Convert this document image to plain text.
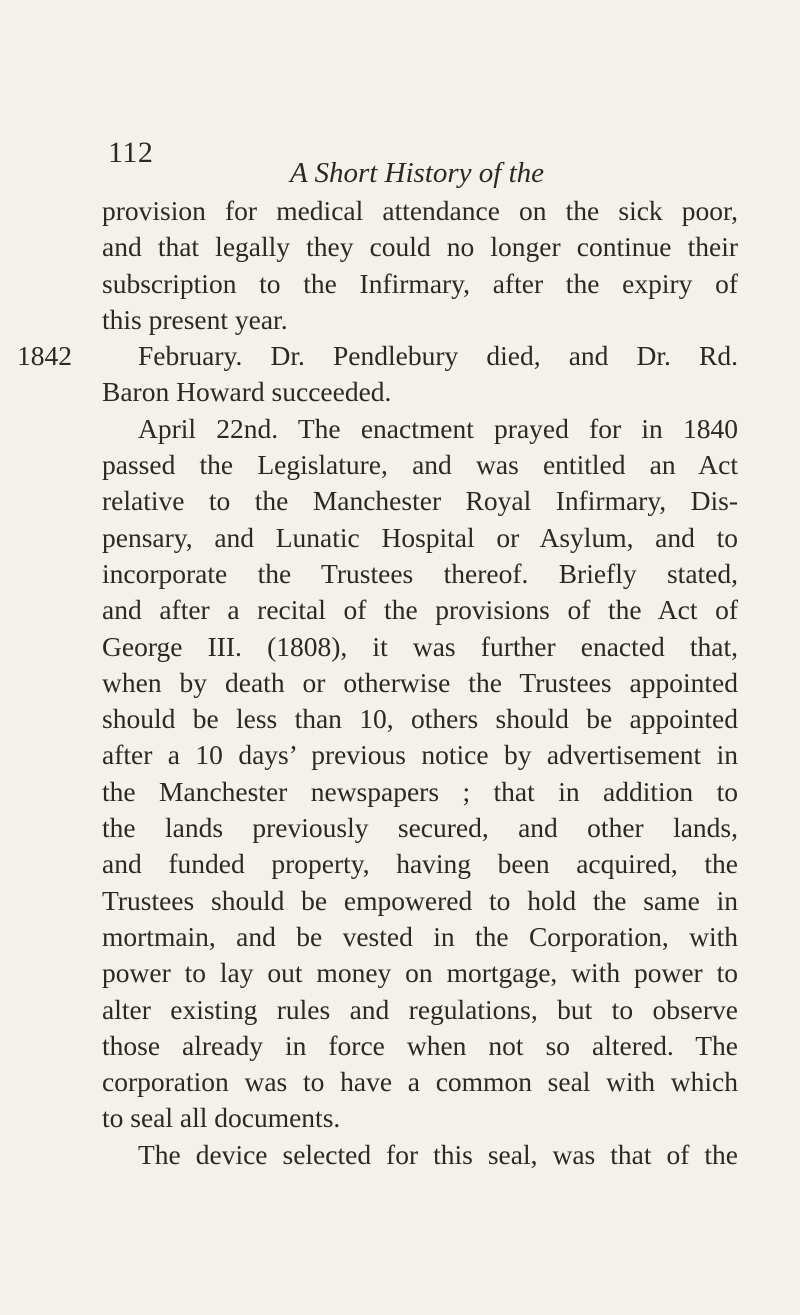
112
A Short History of the
provision for medical attendance on the sick poor,
and that legally they could no longer continue their
subscription to the Infirmary, after the expiry of
this present year.
1842	February. Dr. Pendlebury died, and Dr. Rd.
Baron Howard succeeded.
April 22nd. The enactment prayed for in 1840
passed the Legislature, and was entitled an Act
relative to the Manchester Royal Infirmary, Dis-
pensary, and Lunatic Hospital or Asylum, and to
incorporate the Trustees thereof. Briefly stated,
and after a recital of the provisions of the Act of
George III. (1808), it was further enacted that,
when by death or otherwise the Trustees appointed
should be less than 10, others should be appointed
after a 10 days’ previous notice by advertisement in
the Manchester newspapers ; that in addition to
the lands previously secured, and other lands,
and funded property, having been acquired, the
Trustees should be empowered to hold the same in
mortmain, and be vested in the Corporation, with
power to lay out money on mortgage, with power to
alter existing rules and regulations, but to observe
those already in force when not so altered. The
corporation was to have a common seal with which
to seal all documents.
The device selected for this seal, was that of the
